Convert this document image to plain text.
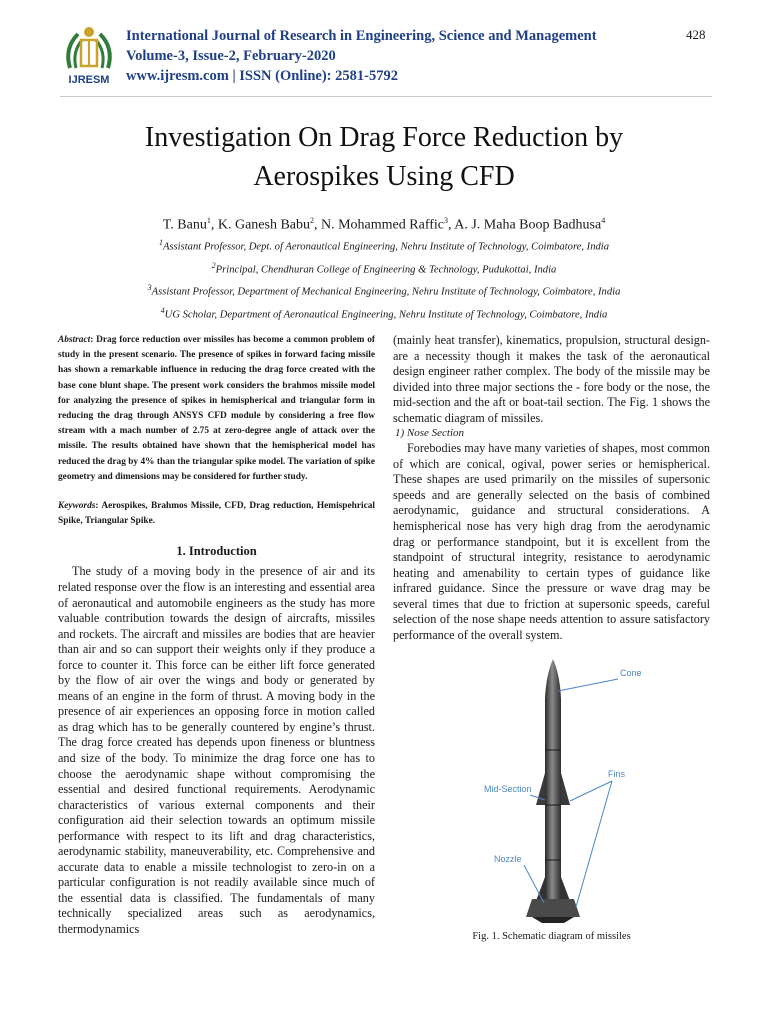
IJRESM
International Journal of Research in Engineering, Science and Management
Volume-3, Issue-2, February-2020
www.ijresm.com | ISSN (Online): 2581-5792
428
Investigation On Drag Force Reduction by
Aerospikes Using CFD
T. Banu$^1$, K. Ganesh Babu$^2$, N. Mohammed Raffic$^3$, A. J. Maha Boop Badhusa$^4$
$^1$Assistant Professor, Dept. of Aeronautical Engineering, Nehru Institute of Technology, Coimbatore, India
$^2$Principal, Chendhuran College of Engineering & Technology, Pudukottai, India
$^3$Assistant Professor, Department of Mechanical Engineering, Nehru Institute of Technology, Coimbatore, India
$^4$UG Scholar, Department of Aeronautical Engineering, Nehru Institute of Technology, Coimbatore, India

Abstract: Drag force reduction over missiles has become a common problem of study in the present scenario. The presence of spikes in forward facing missile has shown a remarkable influence in reducing the drag force created with the base cone blunt shape. The present work considers the brahmos missile model for analyzing the presence of spikes in hemispherical and triangular form in reducing the drag through ANSYS CFD module by considering a free flow stream with a mach number of 2.75 at zero-degree angle of attack over the missile. The results obtained have shown that the hemispherical model has reduced the drag by 4% than the triangular spike model. The variation of spike geometry and dimensions may be considered for further study.

Keywords: Aerospikes, Brahmos Missile, CFD, Drag reduction, Hemispehrical Spike, Triangular Spike.

1. Introduction

The study of a moving body in the presence of air and its related response over the flow is an interesting and essential area of aeronautical and automobile engineers as the study has more valuable contribution towards the design of aircrafts, missiles and rockets. The aircraft and missiles are bodies that are heavier than air and so can support their weights only if they produce a force to counter it. This force can be either lift force generated by the flow of air over the wings and body or generated by means of an engine in the form of thrust. A moving body in the presence of air experiences an opposing force in motion called as drag which has to be generally countered by engine’s thrust. The drag force created has depends upon fineness or bluntness and size of the body. To minimize the drag force one has to choose the aerodynamic shape without compromising the essential and desired functional requirements. Aerodynamic characteristics of various external components and their configuration aid their selection towards an optimum missile performance with respect to its lift and drag characteristics, aerodynamic stability, maneuverability, etc. Comprehensive and accurate data to enable a missile technologist to zero-in on a particular configuration is not readily available since much of the essential data is classified. The fundamentals of many technically specialized areas such as aerodynamics, thermodynamics

(mainly heat transfer), kinematics, propulsion, structural design-are a necessity though it makes the task of the aeronautical design engineer rather complex. The body of the missile may be divided into three major sections the - fore body or the nose, the mid-section and the aft or boat-tail section. The Fig. 1 shows the schematic diagram of missiles.

1) Nose Section

Forebodies may have many varieties of shapes, most common of which are conical, ogival, power series or hemispherical. These shapes are used primarily on the missiles of supersonic speeds and are generally selected on the basis of combined aerodynamic, guidance and structural considerations. A hemispherical nose has very high drag from the aerodynamic drag or performance standpoint, but it is excellent from the standpoint of structural integrity, resistance to aerodynamic heating and amenability to certain types of guidance like infrared guidance. Since the pressure or wave drag may be several times that due to friction at supersonic speeds, careful selection of the nose shape needs attention to assure satisfactory performance of the overall system.

Cone
Fins
Mid-Section
Nozzle
Fig. 1. Schematic diagram of missiles
